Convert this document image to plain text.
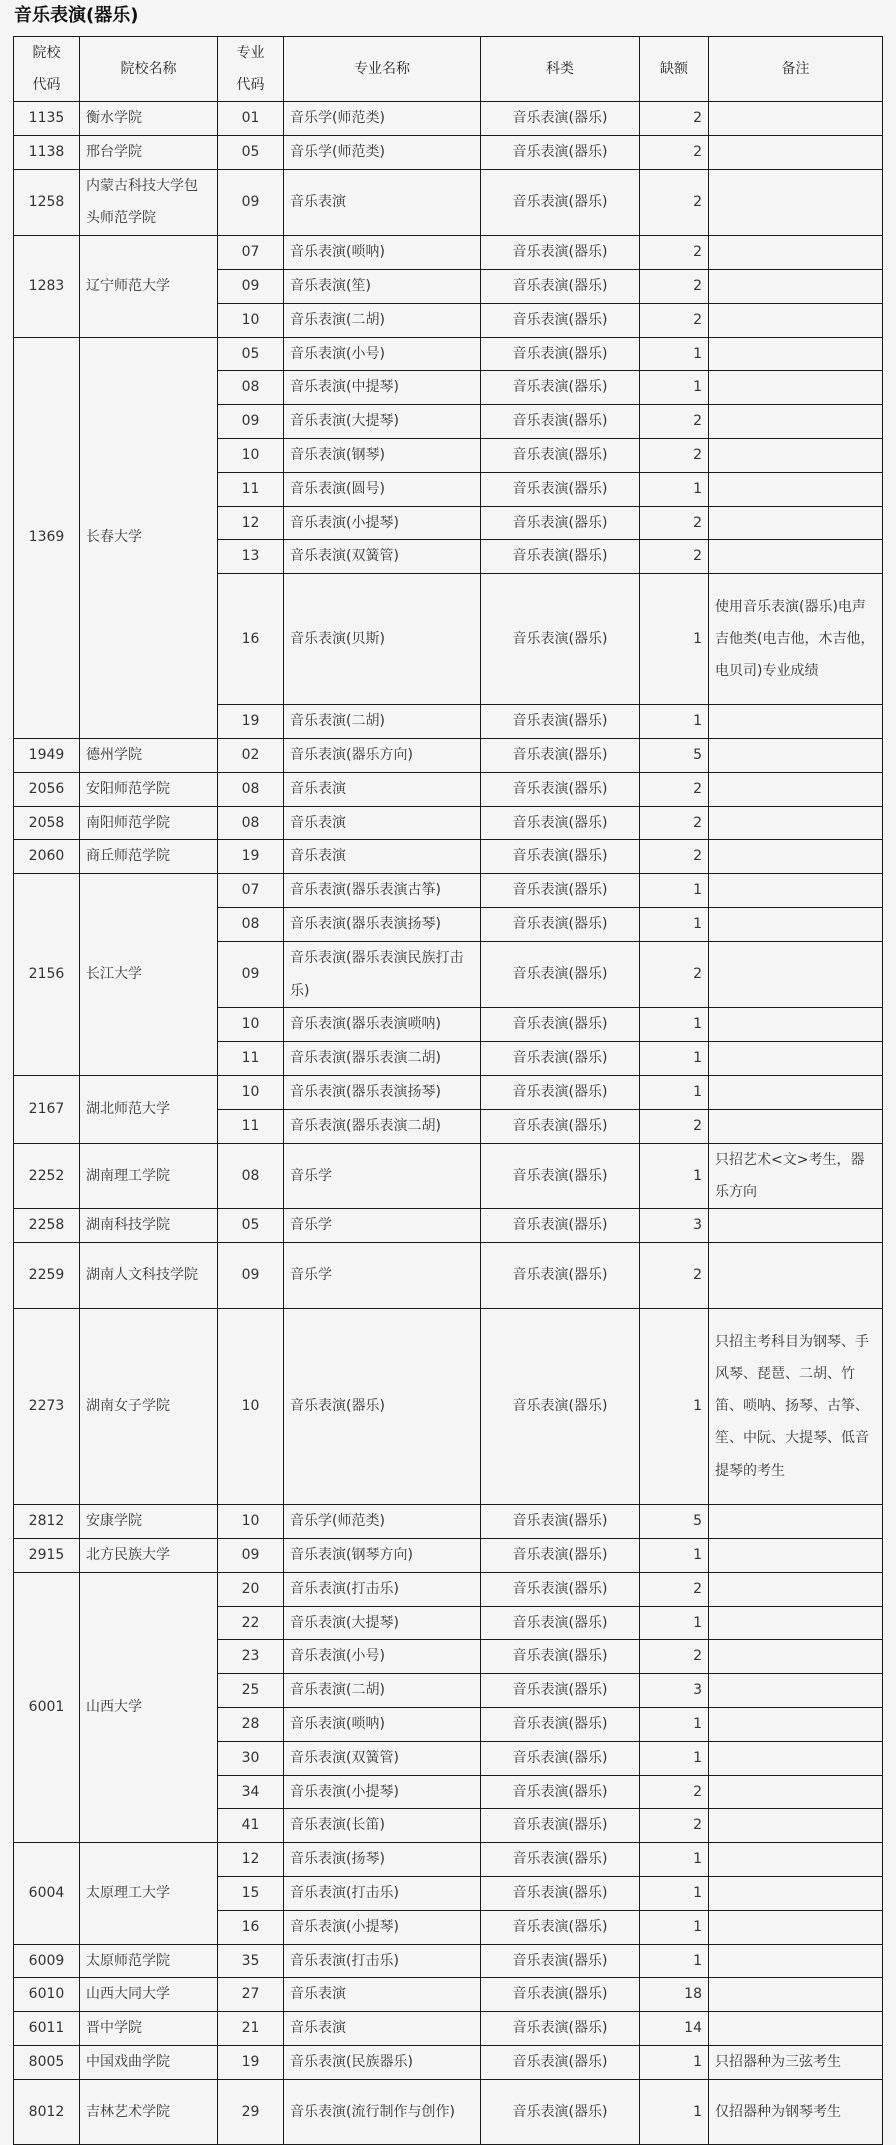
音乐表演(器乐)
院校
代码	院校名称	专业
代码	专业名称	科类	缺额	备注
1135	衡水学院	01	音乐学(师范类)	音乐表演(器乐)	2	
1138	邢台学院	05	音乐学(师范类)	音乐表演(器乐)	2	
1258	内蒙古科技大学包头师范学院	09	音乐表演	音乐表演(器乐)	2	
1283	辽宁师范大学	07	音乐表演(唢呐)	音乐表演(器乐)	2	
		09	音乐表演(笙)	音乐表演(器乐)	2	
		10	音乐表演(二胡)	音乐表演(器乐)	2	
1369	长春大学	05	音乐表演(小号)	音乐表演(器乐)	1	
		08	音乐表演(中提琴)	音乐表演(器乐)	1	
		09	音乐表演(大提琴)	音乐表演(器乐)	2	
		10	音乐表演(钢琴)	音乐表演(器乐)	2	
		11	音乐表演(圆号)	音乐表演(器乐)	1	
		12	音乐表演(小提琴)	音乐表演(器乐)	2	
		13	音乐表演(双簧管)	音乐表演(器乐)	2	
		16	音乐表演(贝斯)	音乐表演(器乐)	1	使用音乐表演(器乐)电声吉他类(电吉他，木吉他，电贝司)专业成绩
		19	音乐表演(二胡)	音乐表演(器乐)	1	
1949	德州学院	02	音乐表演(器乐方向)	音乐表演(器乐)	5	
2056	安阳师范学院	08	音乐表演	音乐表演(器乐)	2	
2058	南阳师范学院	08	音乐表演	音乐表演(器乐)	2	
2060	商丘师范学院	19	音乐表演	音乐表演(器乐)	2	
2156	长江大学	07	音乐表演(器乐表演古筝)	音乐表演(器乐)	1	
		08	音乐表演(器乐表演扬琴)	音乐表演(器乐)	1	
		09	音乐表演(器乐表演民族打击乐)	音乐表演(器乐)	2	
		10	音乐表演(器乐表演唢呐)	音乐表演(器乐)	1	
		11	音乐表演(器乐表演二胡)	音乐表演(器乐)	1	
2167	湖北师范大学	10	音乐表演(器乐表演扬琴)	音乐表演(器乐)	1	
		11	音乐表演(器乐表演二胡)	音乐表演(器乐)	2	
2252	湖南理工学院	08	音乐学	音乐表演(器乐)	1	只招艺术<文>考生，器乐方向
2258	湖南科技学院	05	音乐学	音乐表演(器乐)	3	
2259	湖南人文科技学院	09	音乐学	音乐表演(器乐)	2	
2273	湖南女子学院	10	音乐表演(器乐)	音乐表演(器乐)	1	只招主考科目为钢琴、手风琴、琵琶、二胡、竹笛、唢呐、扬琴、古筝、笙、中阮、大提琴、低音提琴的考生
2812	安康学院	10	音乐学(师范类)	音乐表演(器乐)	5	
2915	北方民族大学	09	音乐表演(钢琴方向)	音乐表演(器乐)	1	
6001	山西大学	20	音乐表演(打击乐)	音乐表演(器乐)	2	
		22	音乐表演(大提琴)	音乐表演(器乐)	1	
		23	音乐表演(小号)	音乐表演(器乐)	2	
		25	音乐表演(二胡)	音乐表演(器乐)	3	
		28	音乐表演(唢呐)	音乐表演(器乐)	1	
		30	音乐表演(双簧管)	音乐表演(器乐)	1	
		34	音乐表演(小提琴)	音乐表演(器乐)	2	
		41	音乐表演(长笛)	音乐表演(器乐)	2	
6004	太原理工大学	12	音乐表演(扬琴)	音乐表演(器乐)	1	
		15	音乐表演(打击乐)	音乐表演(器乐)	1	
		16	音乐表演(小提琴)	音乐表演(器乐)	1	
6009	太原师范学院	35	音乐表演(打击乐)	音乐表演(器乐)	1	
6010	山西大同大学	27	音乐表演	音乐表演(器乐)	18	
6011	晋中学院	21	音乐表演	音乐表演(器乐)	14	
8005	中国戏曲学院	19	音乐表演(民族器乐)	音乐表演(器乐)	1	只招器种为三弦考生
8012	吉林艺术学院	29	音乐表演(流行制作与创作)	音乐表演(器乐)	1	仅招器种为钢琴考生
